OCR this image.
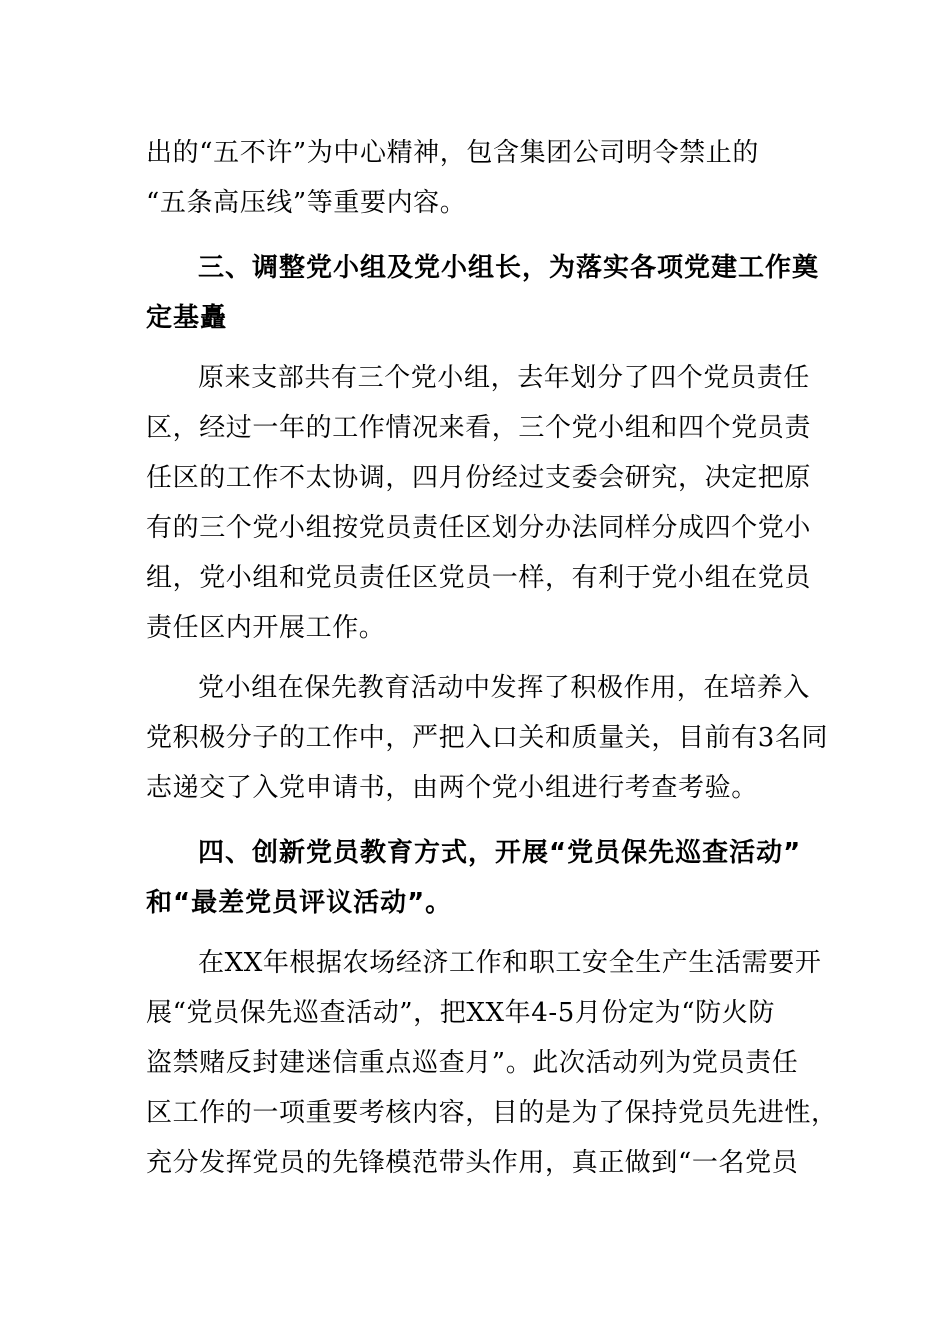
出的“五不许”为中心精神，包含集团公司明令禁止的
“五条高压线”等重要内容。
三、调整党小组及党小组长，为落实各项党建工作奠
定基矗
原来支部共有三个党小组，去年划分了四个党员责任
区，经过一年的工作情况来看，三个党小组和四个党员责
任区的工作不太协调，四月份经过支委会研究，决定把原
有的三个党小组按党员责任区划分办法同样分成四个党小
组，党小组和党员责任区党员一样，有利于党小组在党员
责任区内开展工作。
党小组在保先教育活动中发挥了积极作用，在培养入
党积极分子的工作中，严把入口关和质量关，目前有3名同
志递交了入党申请书，由两个党小组进行考查考验。
四、创新党员教育方式，开展“党员保先巡查活动”
和“最差党员评议活动”。
在XX年根据农场经济工作和职工安全生产生活需要开
展“党员保先巡查活动”，把XX年4-5月份定为“防火防
盗禁赌反封建迷信重点巡查月”。此次活动列为党员责任
区工作的一项重要考核内容，目的是为了保持党员先进性，
充分发挥党员的先锋模范带头作用，真正做到“一名党员
